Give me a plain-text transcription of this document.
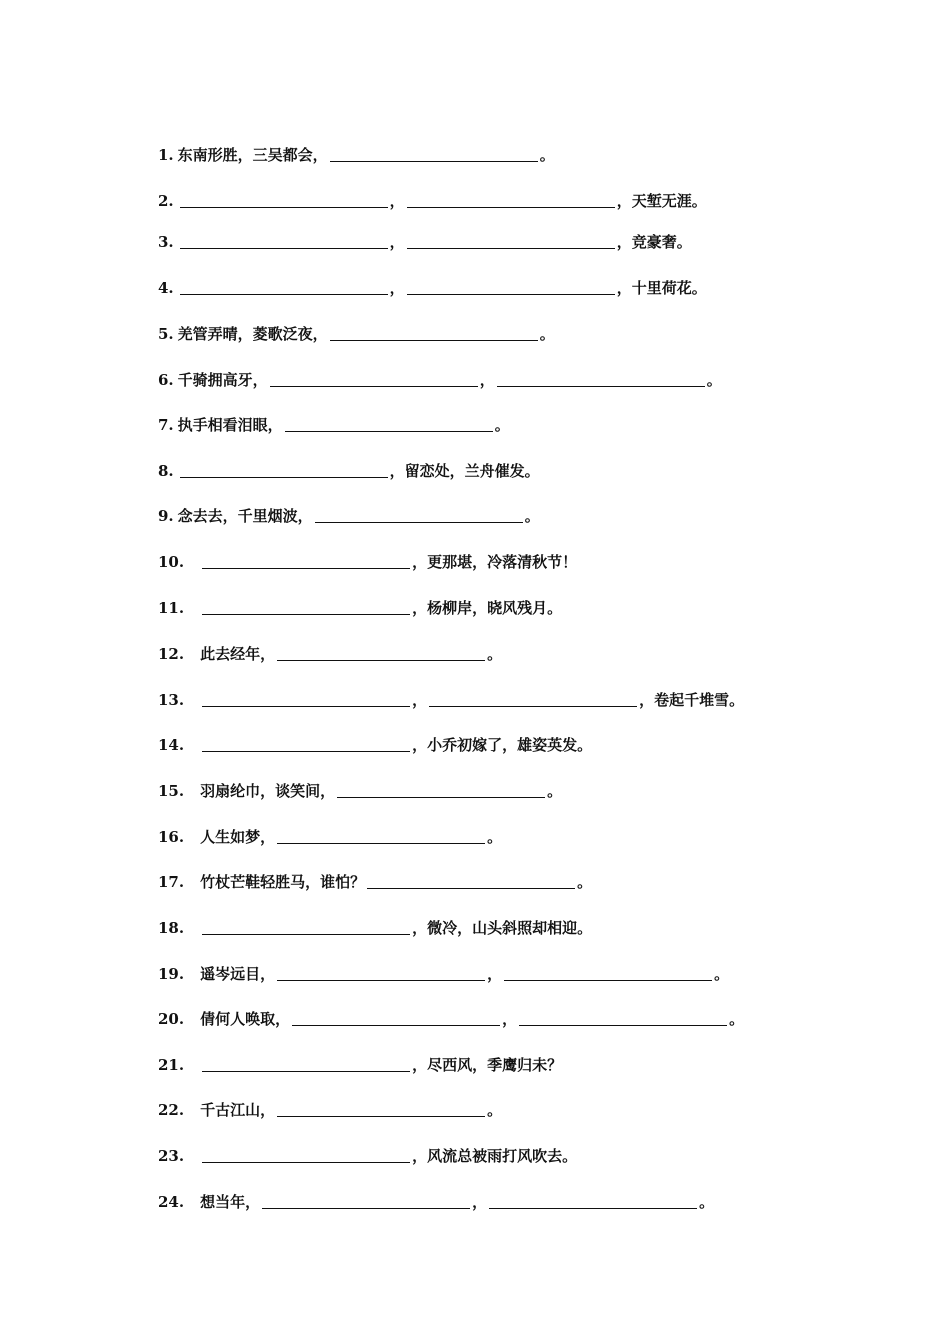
1. 东南形胜，三吴都会，	。
2.	，	，天堑无涯。
3.	，	，竞豪奢。
4.	，	，十里荷花。
5. 羌管弄晴，菱歌泛夜，	。
6. 千骑拥高牙，	，	。
7. 执手相看泪眼，	。
8.	，留恋处，兰舟催发。
9. 念去去，千里烟波，	。
10.	，更那堪，冷落清秋节！
11.	，杨柳岸，晓风残月。
12. 此去经年，	。
13.	，	，卷起千堆雪。
14.	，小乔初嫁了，雄姿英发。
15. 羽扇纶巾，谈笑间，	。
16. 人生如梦，	。
17. 竹杖芒鞋轻胜马，谁怕？	。
18.	，微冷，山头斜照却相迎。
19. 遥岑远目，	，	。
20. 倩何人唤取，	，	。
21.	，尽西风，季鹰归未？
22. 千古江山，	。
23.	，风流总被雨打风吹去。
24. 想当年，	，	。
